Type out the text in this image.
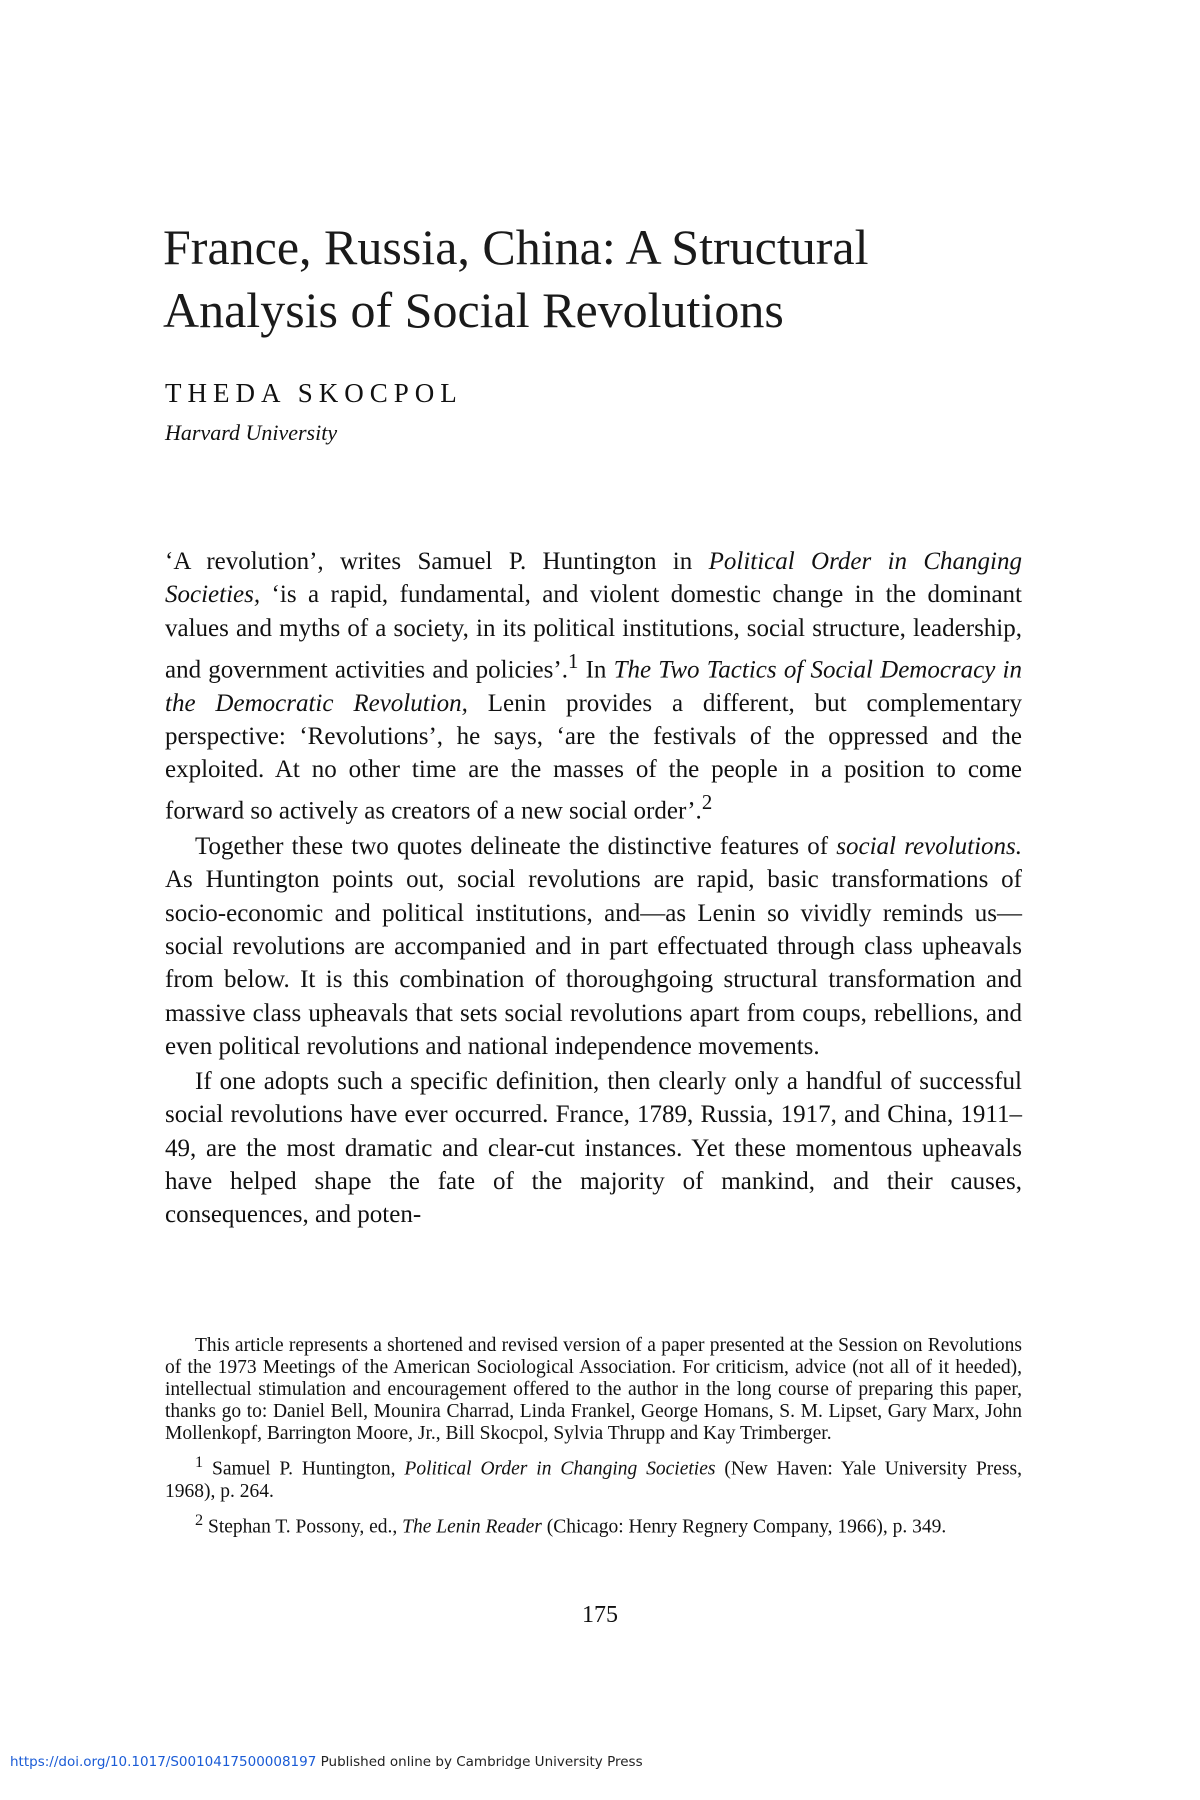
France, Russia, China: A Structural
Analysis of Social Revolutions
THEDA SKOCPOL
Harvard University

‘A revolution’, writes Samuel P. Huntington in Political Order in Changing Societies, ‘is a rapid, fundamental, and violent domestic change in the dominant values and myths of a society, in its political institutions, social structure, leadership, and government activities and policies’.$^1$ In The Two Tactics of Social Democracy in the Democratic Revolution, Lenin provides a different, but complementary perspective: ‘Revolutions’, he says, ‘are the festivals of the oppressed and the exploited. At no other time are the masses of the people in a position to come forward so actively as creators of a new social order’.$^2$

Together these two quotes delineate the distinctive features of social revolutions. As Huntington points out, social revolutions are rapid, basic transformations of socio-economic and political institutions, and—as Lenin so vividly reminds us—social revolutions are accompanied and in part effectuated through class upheavals from below. It is this combination of thoroughgoing structural transformation and massive class upheavals that sets social revolutions apart from coups, rebellions, and even political revolutions and national independence movements.

If one adopts such a specific definition, then clearly only a handful of successful social revolutions have ever occurred. France, 1789, Russia, 1917, and China, 1911–49, are the most dramatic and clear-cut instances. Yet these momentous upheavals have helped shape the fate of the majority of mankind, and their causes, consequences, and poten-

This article represents a shortened and revised version of a paper presented at the Session on Revolutions of the 1973 Meetings of the American Sociological Association. For criticism, advice (not all of it heeded), intellectual stimulation and encouragement offered to the author in the long course of preparing this paper, thanks go to: Daniel Bell, Mounira Charrad, Linda Frankel, George Homans, S. M. Lipset, Gary Marx, John Mollenkopf, Barrington Moore, Jr., Bill Skocpol, Sylvia Thrupp and Kay Trimberger.

$^1$ Samuel P. Huntington, Political Order in Changing Societies (New Haven: Yale University Press, 1968), p. 264.

$^2$ Stephan T. Possony, ed., The Lenin Reader (Chicago: Henry Regnery Company, 1966), p. 349.

175
https://doi.org/10.1017/S0010417500008197 Published online by Cambridge University Press
